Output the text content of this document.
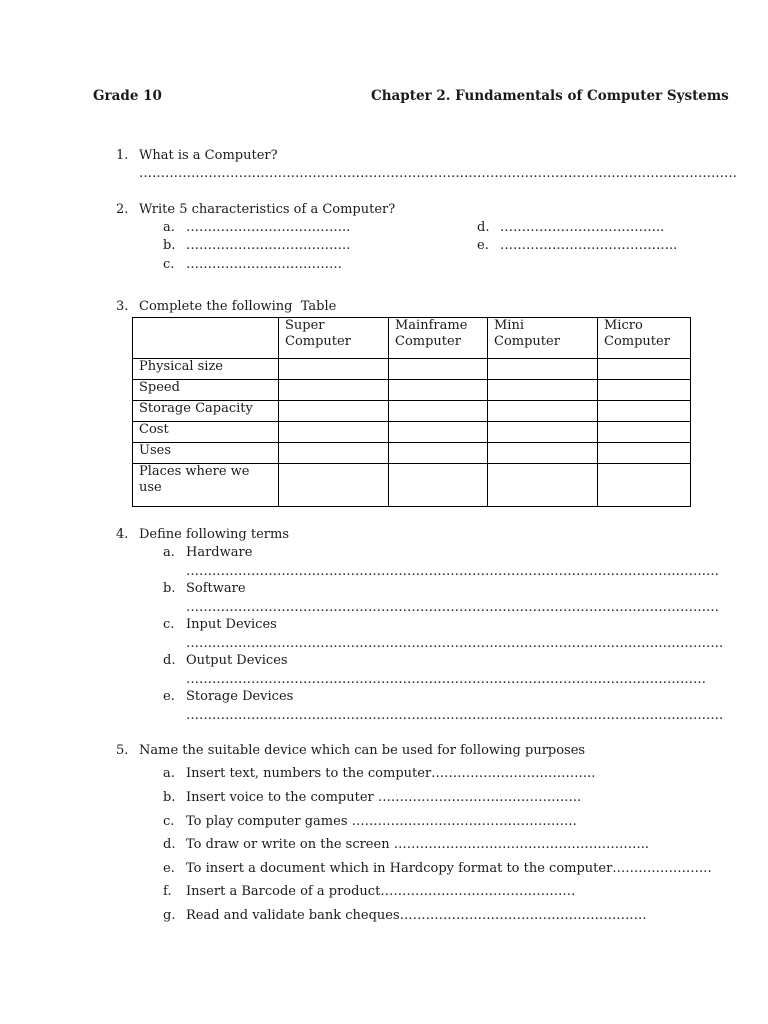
Grade 10	Chapter 2. Fundamentals of Computer Systems
1. What is a Computer?
…………………………………………………………………………………………………………………………
2. Write 5 characteristics of a Computer?
a. ………………………………..
b. ………………………………..
c. ………………………………
d. ………………………………..
e. …………………………………..
3. Complete the following  Table
	Super Computer	Mainframe Computer	Mini Computer	Micro Computer
Physical size				
Speed				
Storage Capacity				
Cost				
Uses				
Places where we use				
4. Define following terms
a. Hardware
……………………………………………………………………………………………………………
b. Software
……………………………………………………………………………………………………………
c. Input Devices
…………………………………………………………………………………………………………….
d. Output Devices
…………………………………………………………………………………………………………
e. Storage Devices
…………………………………………………………………………………………………………….
5. Name the suitable device which can be used for following purposes
a. Insert text, numbers to the computer………………………………..
b. Insert voice to the computer ………………………………………..
c. To play computer games …………………………………………….
d. To draw or write on the screen …………………………………………………..
e. To insert a document which in Hardcopy format to the computer…………………..
f. Insert a Barcode of a product………………………………………
g. Read and validate bank cheques…………………………………………………
